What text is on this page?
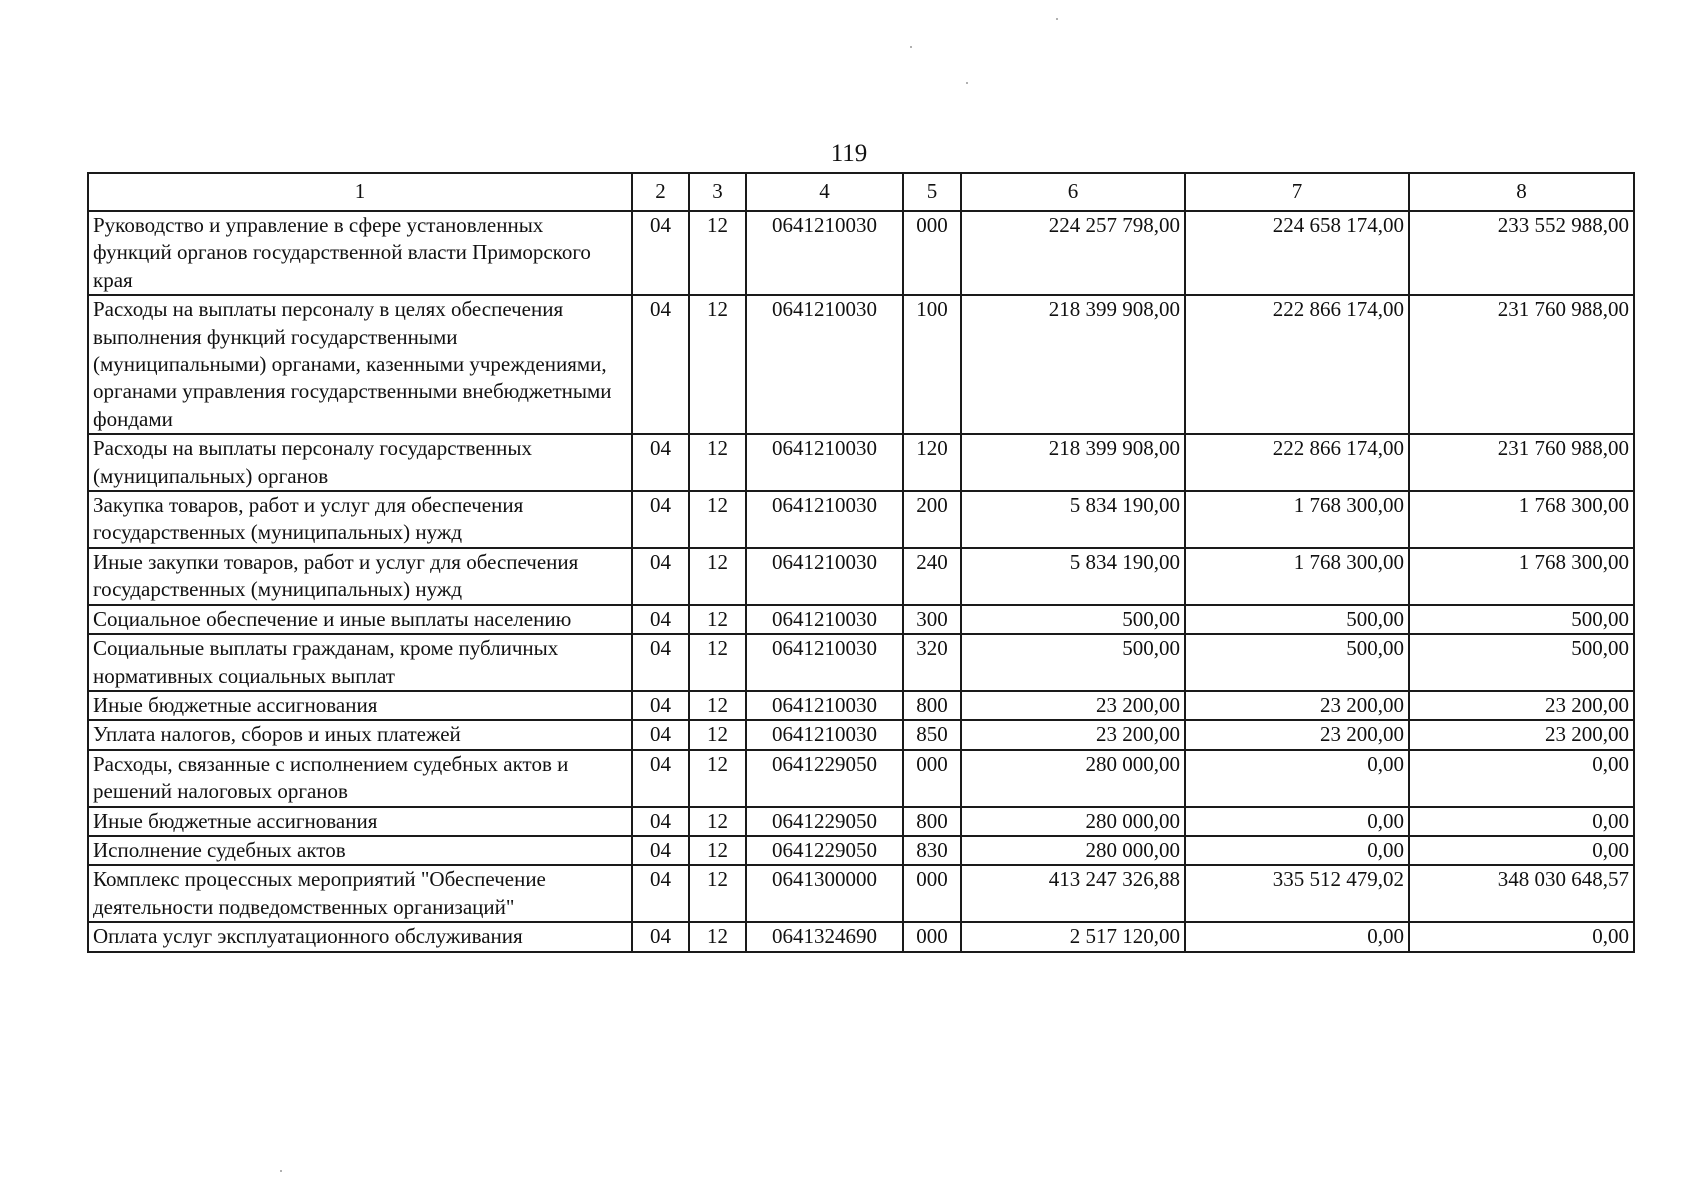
119
1	2	3	4	5	6	7	8
Руководство и управление в сфере установленных функций органов государственной власти Приморского края	04	12	0641210030	000	224 257 798,00	224 658 174,00	233 552 988,00
Расходы на выплаты персоналу в целях обеспечения выполнения функций государственными (муниципальными) органами, казенными учреждениями, органами управления государственными внебюджетными фондами	04	12	0641210030	100	218 399 908,00	222 866 174,00	231 760 988,00
Расходы на выплаты персоналу государственных (муниципальных) органов	04	12	0641210030	120	218 399 908,00	222 866 174,00	231 760 988,00
Закупка товаров, работ и услуг для обеспечения государственных (муниципальных) нужд	04	12	0641210030	200	5 834 190,00	1 768 300,00	1 768 300,00
Иные закупки товаров, работ и услуг для обеспечения государственных (муниципальных) нужд	04	12	0641210030	240	5 834 190,00	1 768 300,00	1 768 300,00
Социальное обеспечение и иные выплаты населению	04	12	0641210030	300	500,00	500,00	500,00
Социальные выплаты гражданам, кроме публичных нормативных социальных выплат	04	12	0641210030	320	500,00	500,00	500,00
Иные бюджетные ассигнования	04	12	0641210030	800	23 200,00	23 200,00	23 200,00
Уплата налогов, сборов и иных платежей	04	12	0641210030	850	23 200,00	23 200,00	23 200,00
Расходы, связанные с исполнением судебных актов и решений налоговых органов	04	12	0641229050	000	280 000,00	0,00	0,00
Иные бюджетные ассигнования	04	12	0641229050	800	280 000,00	0,00	0,00
Исполнение судебных актов	04	12	0641229050	830	280 000,00	0,00	0,00
Комплекс процессных мероприятий "Обеспечение деятельности подведомственных организаций"	04	12	0641300000	000	413 247 326,88	335 512 479,02	348 030 648,57
Оплата услуг эксплуатационного обслуживания	04	12	0641324690	000	2 517 120,00	0,00	0,00
